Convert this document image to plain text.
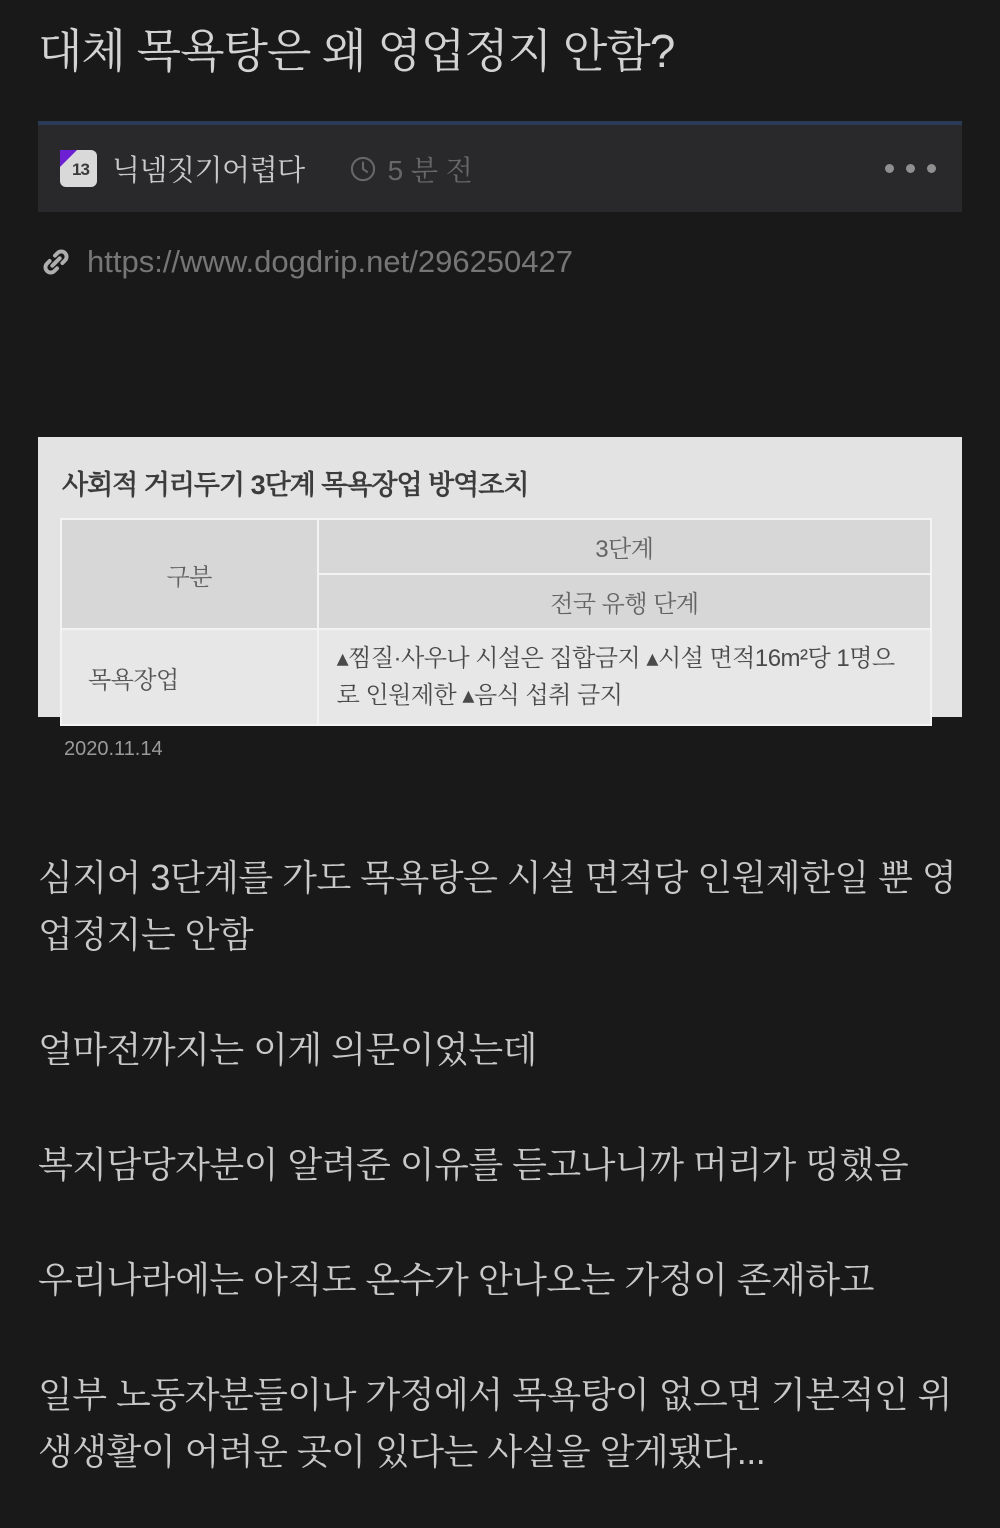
대체 목욕탕은 왜 영업정지 안함?
13 닉넴짓기어렵다	5 분 전
https://www.dogdrip.net/296250427
사회적 거리두기 3단계 목욕장업 방역조치
구분	3단계
	전국 유행 단계
목욕장업	▴찜질·사우나 시설은 집합금지 ▴시설 면적16m²당 1명으로 인원제한 ▴음식 섭취 금지
2020.11.14

심지어 3단계를 가도 목욕탕은 시설 면적당 인원제한일 뿐 영업정지는 안함

얼마전까지는 이게 의문이었는데

복지담당자분이 알려준 이유를 듣고나니까 머리가 띵했음

우리나라에는 아직도 온수가 안나오는 가정이 존재하고

일부 노동자분들이나 가정에서 목욕탕이 없으면 기본적인 위생생활이 어려운 곳이 있다는 사실을 알게됐다...
